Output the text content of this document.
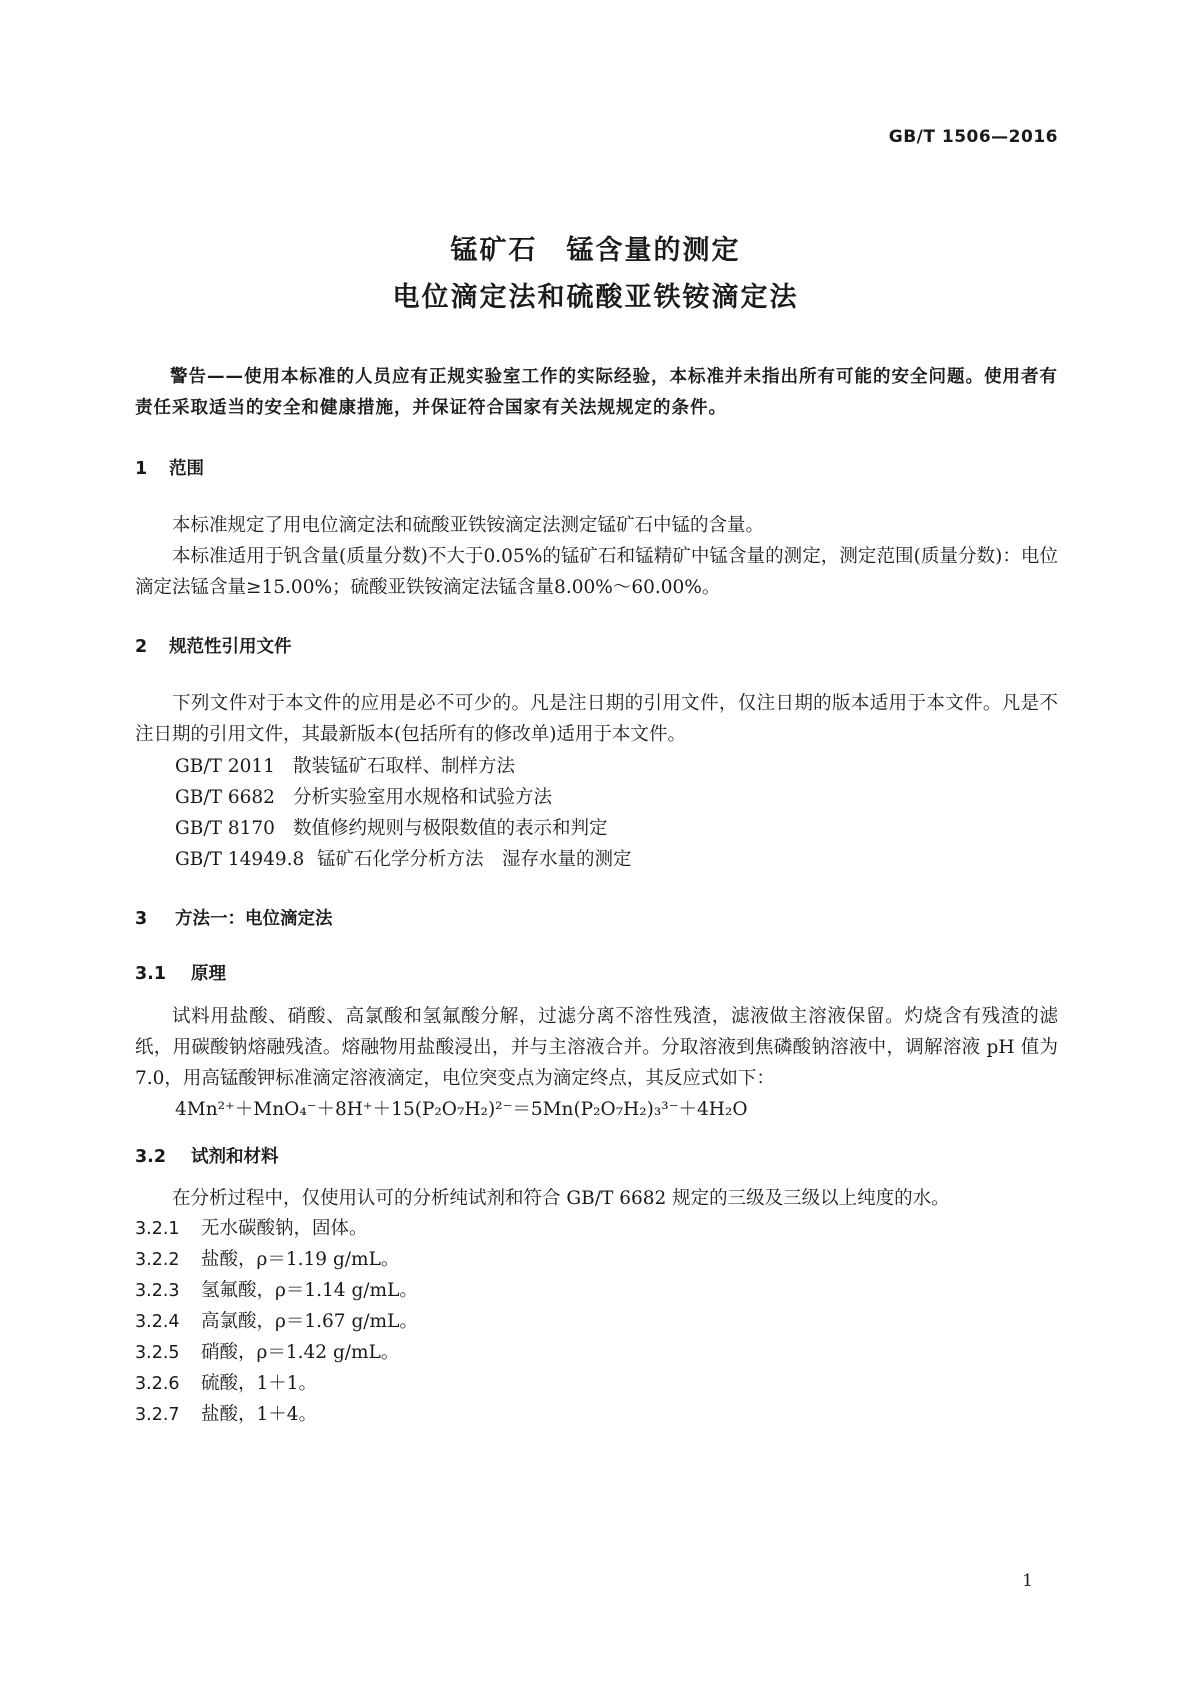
GB/T 1506—2016
锰矿石　锰含量的测定
电位滴定法和硫酸亚铁铵滴定法
警告——使用本标准的人员应有正规实验室工作的实际经验，本标准并未指出所有可能的安全问题。使用者有责任采取适当的安全和健康措施，并保证符合国家有关法规规定的条件。
1 范围
本标准规定了用电位滴定法和硫酸亚铁铵滴定法测定锰矿石中锰的含量。
本标准适用于钒含量(质量分数)不大于0.05%的锰矿石和锰精矿中锰含量的测定，测定范围(质量分数)：电位滴定法锰含量≥15.00%；硫酸亚铁铵滴定法锰含量8.00%～60.00%。
2 规范性引用文件
下列文件对于本文件的应用是必不可少的。凡是注日期的引用文件，仅注日期的版本适用于本文件。凡是不注日期的引用文件，其最新版本(包括所有的修改单)适用于本文件。
GB/T 2011 散装锰矿石取样、制样方法
GB/T 6682 分析实验室用水规格和试验方法
GB/T 8170 数值修约规则与极限数值的表示和判定
GB/T 14949.8 锰矿石化学分析方法　湿存水量的测定
3 方法一：电位滴定法
3.1 原理
试料用盐酸、硝酸、高氯酸和氢氟酸分解，过滤分离不溶性残渣，滤液做主溶液保留。灼烧含有残渣的滤纸，用碳酸钠熔融残渣。熔融物用盐酸浸出，并与主溶液合并。分取溶液到焦磷酸钠溶液中，调解溶液 pH 值为7.0，用高锰酸钾标准滴定溶液滴定，电位突变点为滴定终点，其反应式如下：
4Mn²⁺＋MnO₄⁻＋8H⁺＋15(P₂O₇H₂)²⁻＝5Mn(P₂O₇H₂)₃³⁻＋4H₂O
3.2 试剂和材料
在分析过程中，仅使用认可的分析纯试剂和符合 GB/T 6682 规定的三级及三级以上纯度的水。
3.2.1 无水碳酸钠，固体。
3.2.2 盐酸，ρ＝1.19 g/mL。
3.2.3 氢氟酸，ρ＝1.14 g/mL。
3.2.4 高氯酸，ρ＝1.67 g/mL。
3.2.5 硝酸，ρ＝1.42 g/mL。
3.2.6 硫酸，1＋1。
3.2.7 盐酸，1＋4。
1
